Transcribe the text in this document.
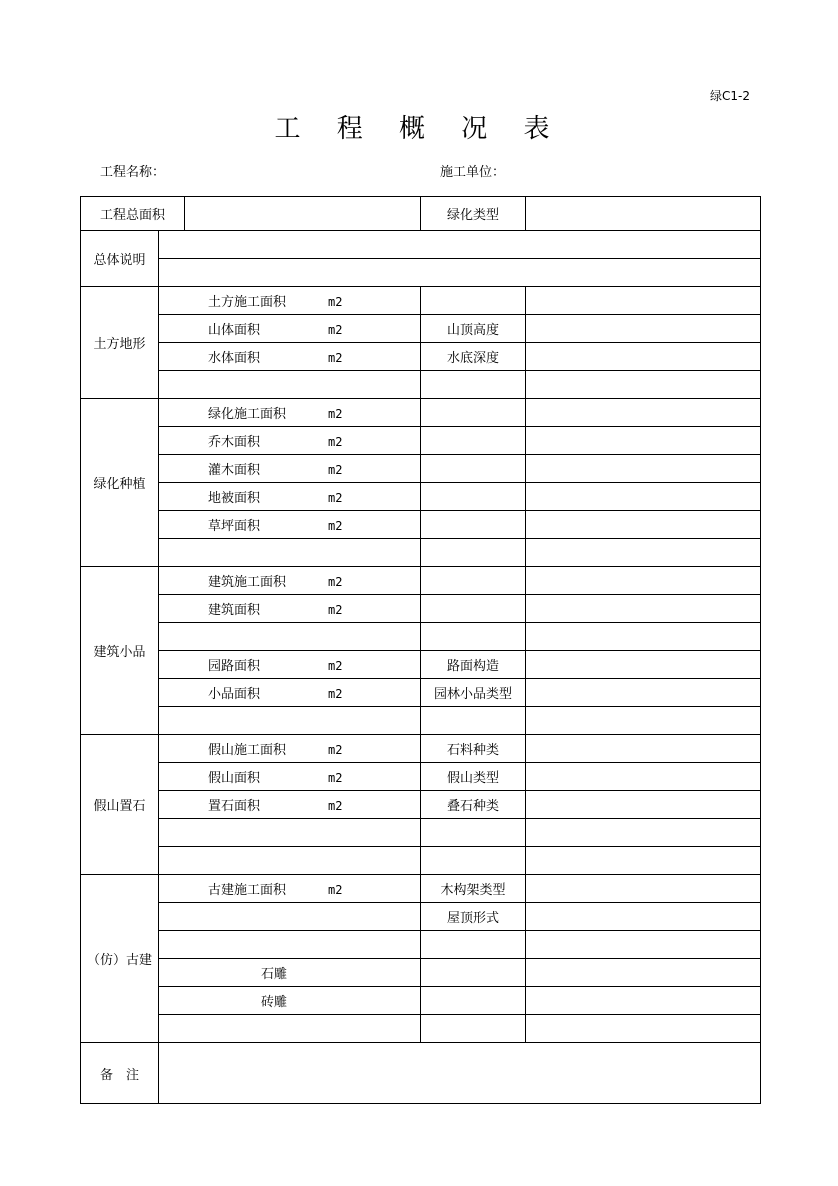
绿C1-2
工 程 概 况 表
工程名称：	施工单位：
工程总面积			绿化类型	
总体说明				

土方地形	土方施工面积 m2			
	山体面积 m2		山顶高度	
	水体面积 m2		水底深度	

绿化种植	绿化施工面积 m2			
	乔木面积 m2			
	灌木面积 m2			
	地被面积 m2			
	草坪面积 m2			

建筑小品	建筑施工面积 m2			
	建筑面积 m2			

	园路面积 m2		路面构造	
	小品面积 m2		园林小品类型	

假山置石	假山施工面积 m2		石料种类	
	假山面积 m2		假山类型	
	置石面积 m2		叠石种类	

（仿）古建	古建施工面积 m2		木构架类型	
			屋顶形式	

	石雕			
	砖雕			

备　注				
